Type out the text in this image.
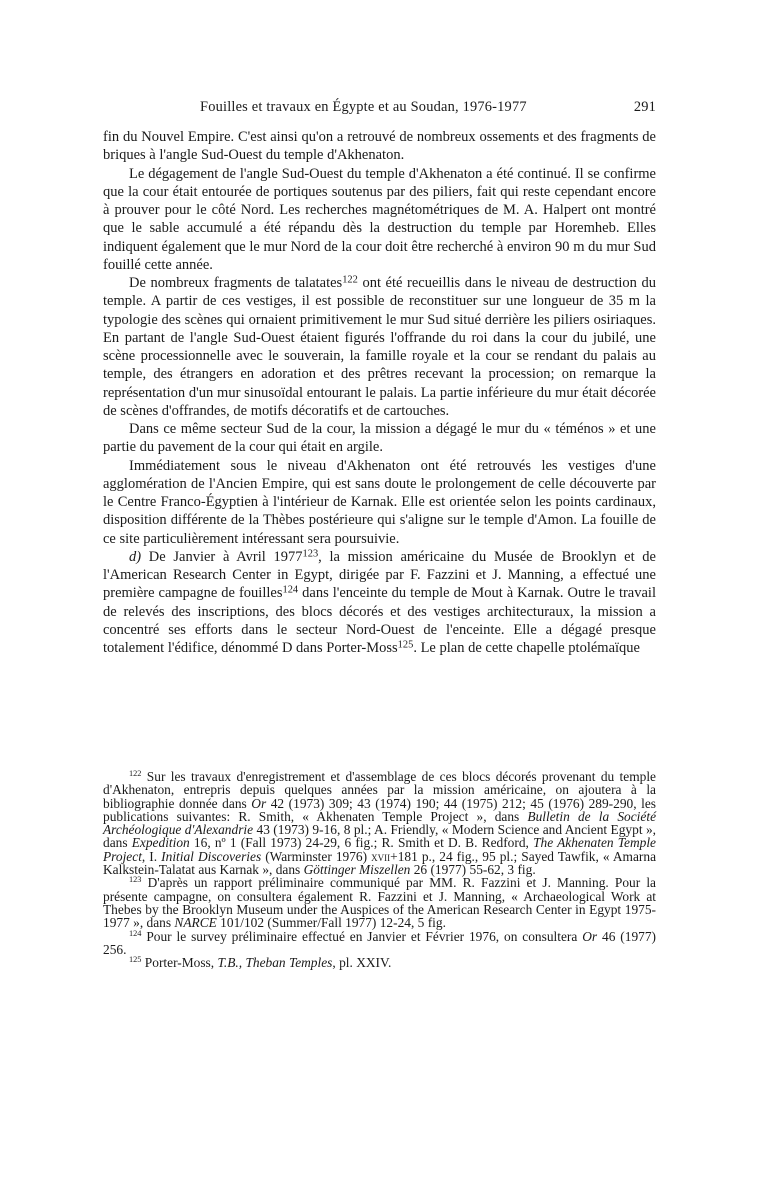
Fouilles et travaux en Égypte et au Soudan, 1976-1977	291

fin du Nouvel Empire. C'est ainsi qu'on a retrouvé de nombreux ossements et des fragments de briques à l'angle Sud-Ouest du temple d'Akhenaton.

Le dégagement de l'angle Sud-Ouest du temple d'Akhenaton a été continué. Il se confirme que la cour était entourée de portiques soutenus par des piliers, fait qui reste cependant encore à prouver pour le côté Nord. Les recherches magnétométriques de M. A. Halpert ont montré que le sable accumulé a été répandu dès la destruction du temple par Horemheb. Elles indiquent également que le mur Nord de la cour doit être recherché à environ 90 m du mur Sud fouillé cette année.

De nombreux fragments de talatates$^{122}$ ont été recueillis dans le niveau de destruction du temple. A partir de ces vestiges, il est possible de reconstituer sur une longueur de 35 m la typologie des scènes qui ornaient primitivement le mur Sud situé derrière les piliers osiriaques. En partant de l'angle Sud-Ouest étaient figurés l'offrande du roi dans la cour du jubilé, une scène processionnelle avec le souverain, la famille royale et la cour se rendant du palais au temple, des étrangers en adoration et des prêtres recevant la procession; on remarque la représentation d'un mur sinusoïdal entourant le palais. La partie inférieure du mur était décorée de scènes d'offrandes, de motifs décoratifs et de cartouches.

Dans ce même secteur Sud de la cour, la mission a dégagé le mur du « téménos » et une partie du pavement de la cour qui était en argile.

Immédiatement sous le niveau d'Akhenaton ont été retrouvés les vestiges d'une agglomération de l'Ancien Empire, qui est sans doute le prolongement de celle découverte par le Centre Franco-Égyptien à l'intérieur de Karnak. Elle est orientée selon les points cardinaux, disposition différente de la Thèbes postérieure qui s'aligne sur le temple d'Amon. La fouille de ce site particulièrement intéressant sera poursuivie.

d) De Janvier à Avril 1977$^{123}$, la mission américaine du Musée de Brooklyn et de l'American Research Center in Egypt, dirigée par F. Fazzini et J. Manning, a effectué une première campagne de fouilles$^{124}$ dans l'enceinte du temple de Mout à Karnak. Outre le travail de relevés des inscriptions, des blocs décorés et des vestiges architecturaux, la mission a concentré ses efforts dans le secteur Nord-Ouest de l'enceinte. Elle a dégagé presque totalement l'édifice, dénommé D dans Porter-Moss$^{125}$. Le plan de cette chapelle ptolémaïque

$^{122}$ Sur les travaux d'enregistrement et d'assemblage de ces blocs décorés provenant du temple d'Akhenaton, entrepris depuis quelques années par la mission américaine, on ajoutera à la bibliographie donnée dans Or 42 (1973) 309; 43 (1974) 190; 44 (1975) 212; 45 (1976) 289-290, les publications suivantes: R. Smith, « Akhenaten Temple Project », dans Bulletin de la Société Archéologique d'Alexandrie 43 (1973) 9-16, 8 pl.; A. Friendly, « Modern Science and Ancient Egypt », dans Expedition 16, nº 1 (Fall 1973) 24-29, 6 fig.; R. Smith et D. B. Redford, The Akhenaten Temple Project, I. Initial Discoveries (Warminster 1976) xvii+181 p., 24 fig., 95 pl.; Sayed Tawfik, « Amarna Kalkstein-Talatat aus Karnak », dans Göttinger Miszellen 26 (1977) 55-62, 3 fig.

$^{123}$ D'après un rapport préliminaire communiqué par MM. R. Fazzini et J. Manning. Pour la présente campagne, on consultera également R. Fazzini et J. Manning, « Archaeological Work at Thebes by the Brooklyn Museum under the Auspices of the American Research Center in Egypt 1975-1977 », dans NARCE 101/102 (Summer/Fall 1977) 12-24, 5 fig.

$^{124}$ Pour le survey préliminaire effectué en Janvier et Février 1976, on consultera Or 46 (1977) 256.

$^{125}$ Porter-Moss, T.B., Theban Temples, pl. XXIV.
